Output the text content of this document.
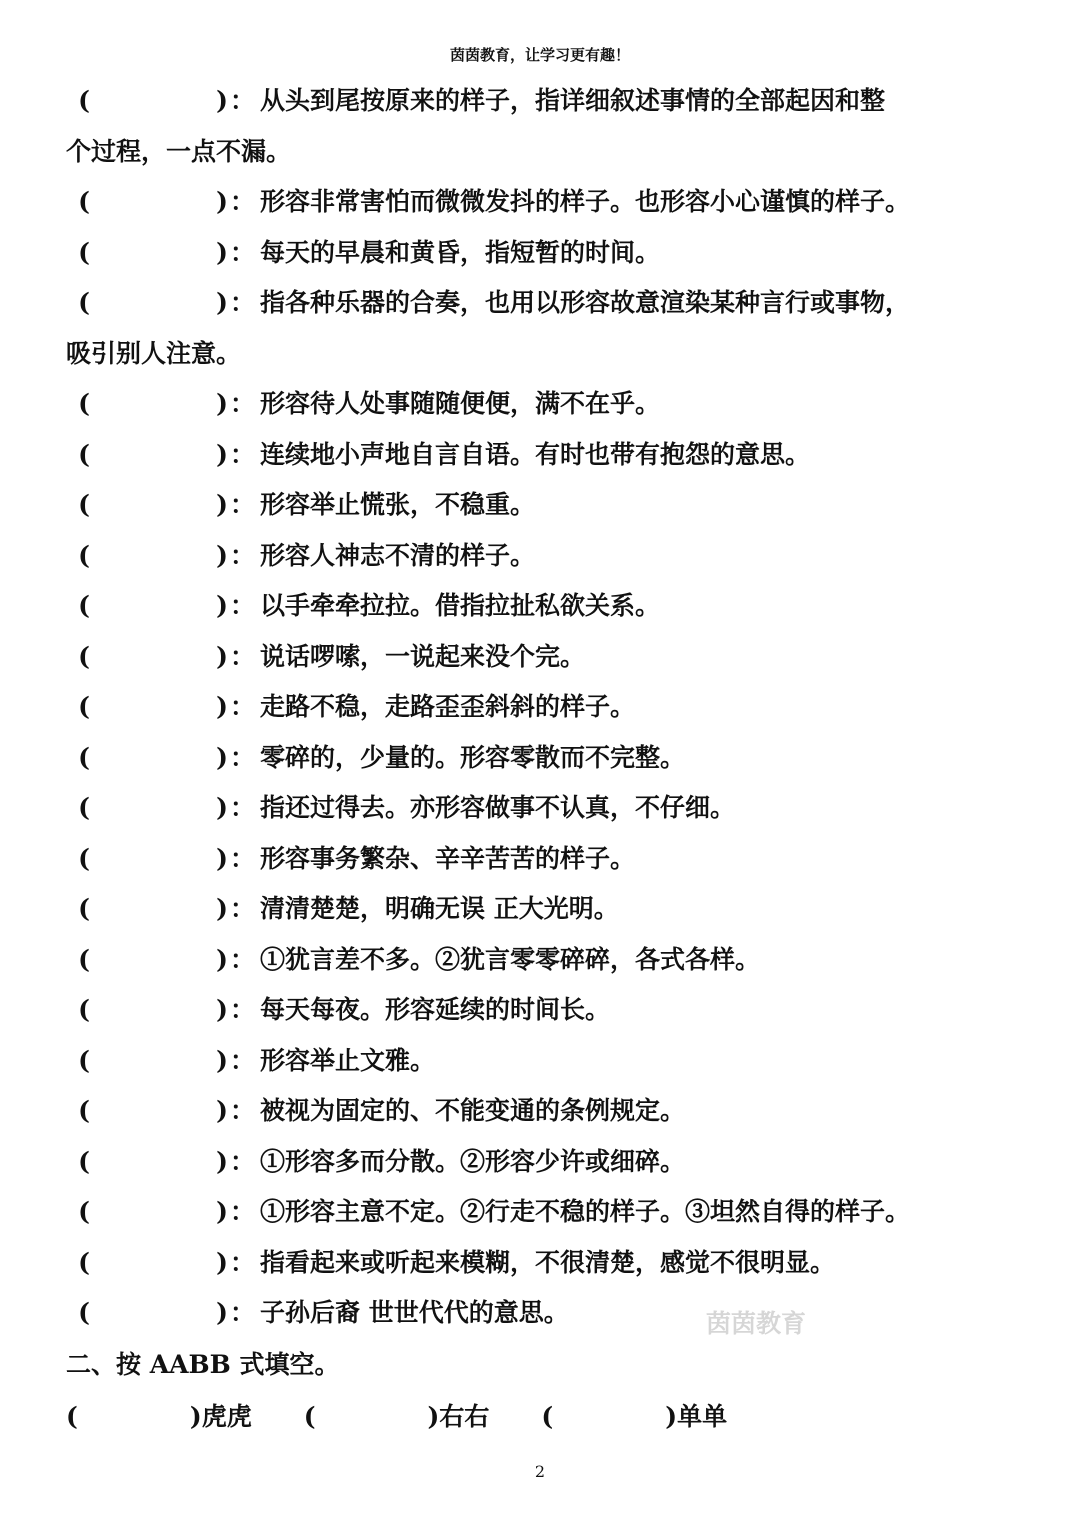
茵茵教育，让学习更有趣！
(	)： 从头到尾按原来的样子，指详细叙述事情的全部起因和整
个过程，一点不漏。
(	)： 形容非常害怕而微微发抖的样子。也形容小心谨慎的样子。
(	)： 每天的早晨和黄昏，指短暂的时间。
(	)： 指各种乐器的合奏，也用以形容故意渲染某种言行或事物，
吸引别人注意。
(	)： 形容待人处事随随便便，满不在乎。
(	)： 连续地小声地自言自语。有时也带有抱怨的意思。
(	)： 形容举止慌张，不稳重。
(	)： 形容人神志不清的样子。
(	)： 以手牵牵拉拉。借指拉扯私欲关系。
(	)： 说话啰嗦，一说起来没个完。
(	)： 走路不稳，走路歪歪斜斜的样子。
(	)： 零碎的，少量的。形容零散而不完整。
(	)： 指还过得去。亦形容做事不认真，不仔细。
(	)： 形容事务繁杂、辛辛苦苦的样子。
(	)： 清清楚楚，明确无误 正大光明。
(	)： ①犹言差不多。②犹言零零碎碎，各式各样。
(	)： 每天每夜。形容延续的时间长。
(	)： 形容举止文雅。
(	)： 被视为固定的、不能变通的条例规定。
(	)： ①形容多而分散。②形容少许或细碎。
(	)： ①形容主意不定。②行走不稳的样子。③坦然自得的样子。
(	)： 指看起来或听起来模糊，不很清楚，感觉不很明显。
(	)： 子孙后裔 世世代代的意思。
二、按 AABB 式填空。
(	)虎虎 (	)右右 (	)单单
茵茵教育
2
